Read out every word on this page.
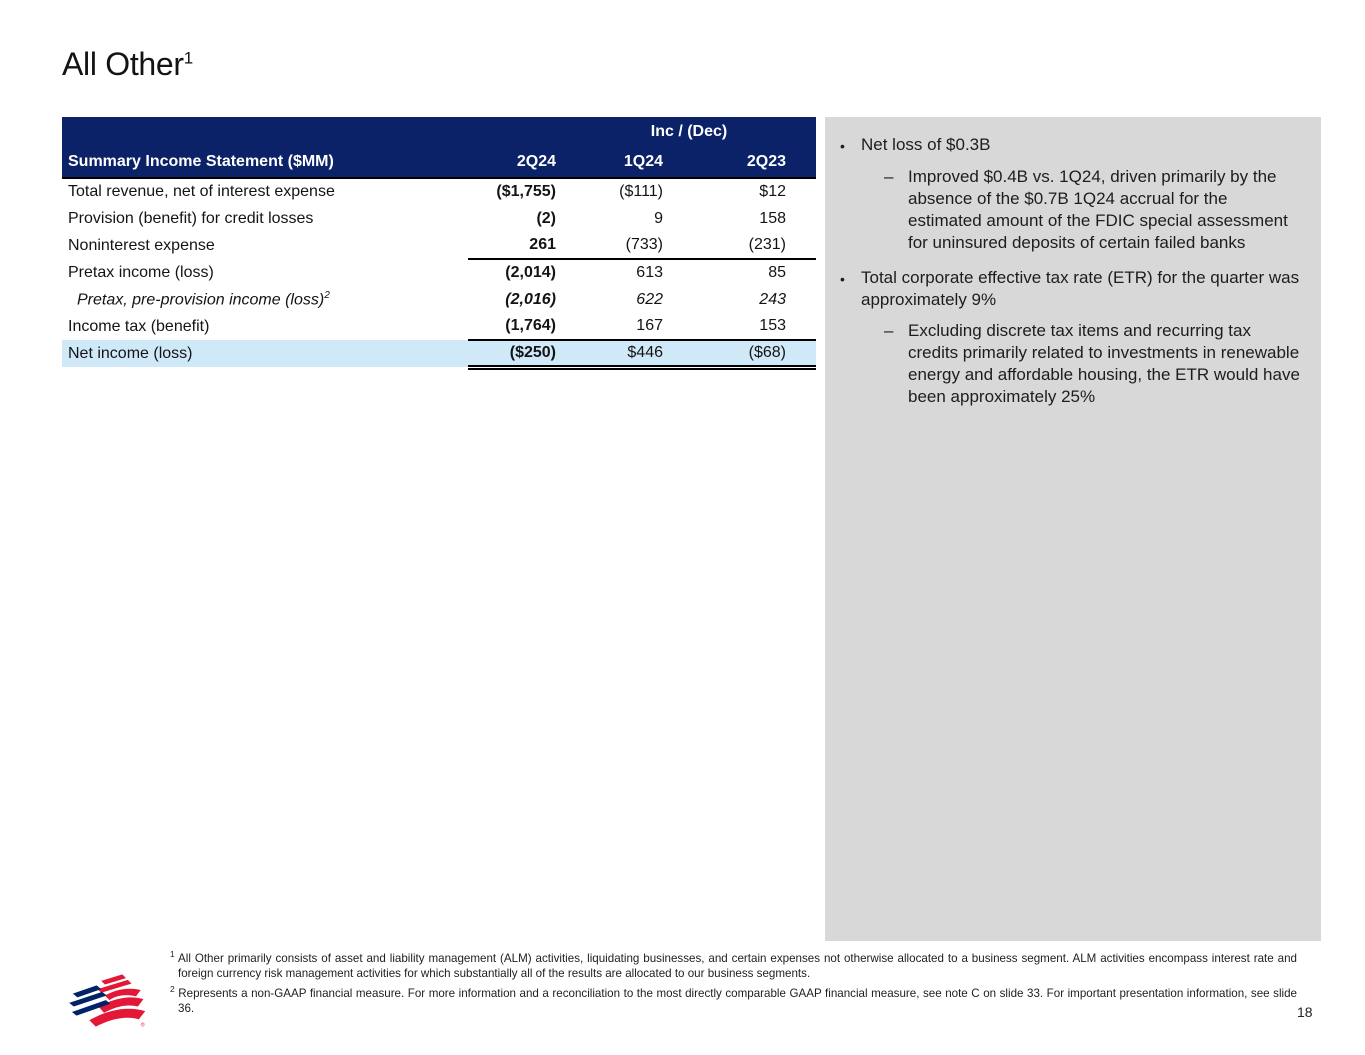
All Other$^1$
		Inc / (Dec)	
Summary Income Statement ($MM)	2Q24	1Q24	2Q23
Total revenue, net of interest expense	($1,755)	($111)	$12
Provision (benefit) for credit losses	(2)	9	158
Noninterest expense	261	(733)	(231)
Pretax income (loss)	(2,014)	613	85
Pretax, pre-provision income (loss)$^2$	(2,016)	622	243
Income tax (benefit)	(1,764)	167	153
Net income (loss)	($250)	$446	($68)
• Net loss of $0.3B
– Improved $0.4B vs. 1Q24, driven primarily by the absence of the $0.7B 1Q24 accrual for the estimated amount of the FDIC special assessment for uninsured deposits of certain failed banks
• Total corporate effective tax rate (ETR) for the quarter was approximately 9%
– Excluding discrete tax items and recurring tax credits primarily related to investments in renewable energy and affordable housing, the ETR would have been approximately 25%

$^1$ All Other primarily consists of asset and liability management (ALM) activities, liquidating businesses, and certain expenses not otherwise allocated to a business segment. ALM activities encompass interest rate and foreign currency risk management activities for which substantially all of the results are allocated to our business segments.

$^2$ Represents a non-GAAP financial measure. For more information and a reconciliation to the most directly comparable GAAP financial measure, see note C on slide 33. For important presentation information, see slide 36.

®
18
